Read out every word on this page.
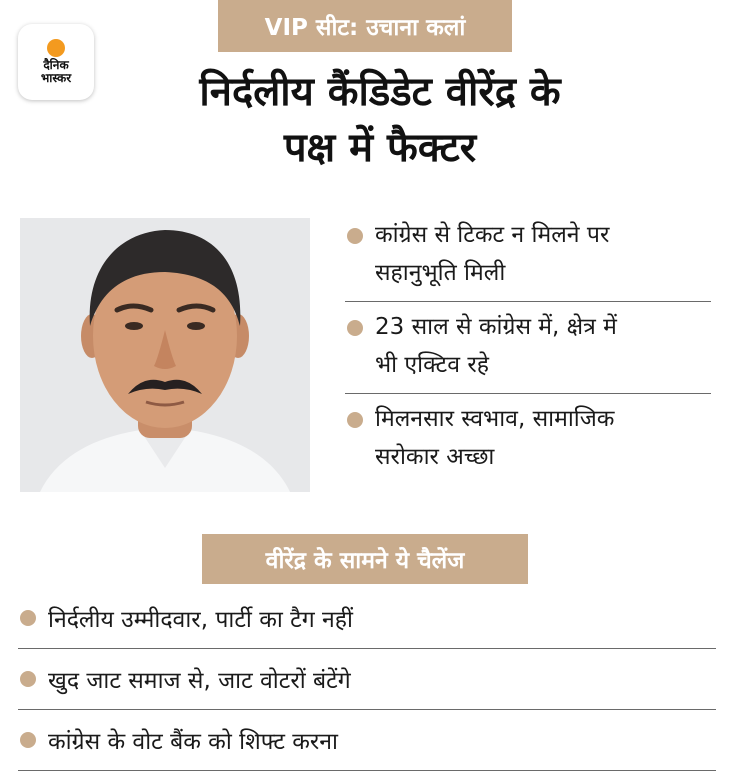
दैनिक
भास्कर
VIP सीट: उचाना कलां
निर्दलीय कैंडिडेट वीरेंद्र के
पक्ष में फैक्टर
कांग्रेस से टिकट न मिलने पर
सहानुभूति मिली
23 साल से कांग्रेस में, क्षेत्र में
भी एक्टिव रहे
मिलनसार स्वभाव, सामाजिक
सरोकार अच्छा
वीरेंद्र के सामने ये चैलेंज
निर्दलीय उम्मीदवार, पार्टी का टैग नहीं
खुद जाट समाज से, जाट वोटरों बंटेंगे
कांग्रेस के वोट बैंक को शिफ्ट करना
